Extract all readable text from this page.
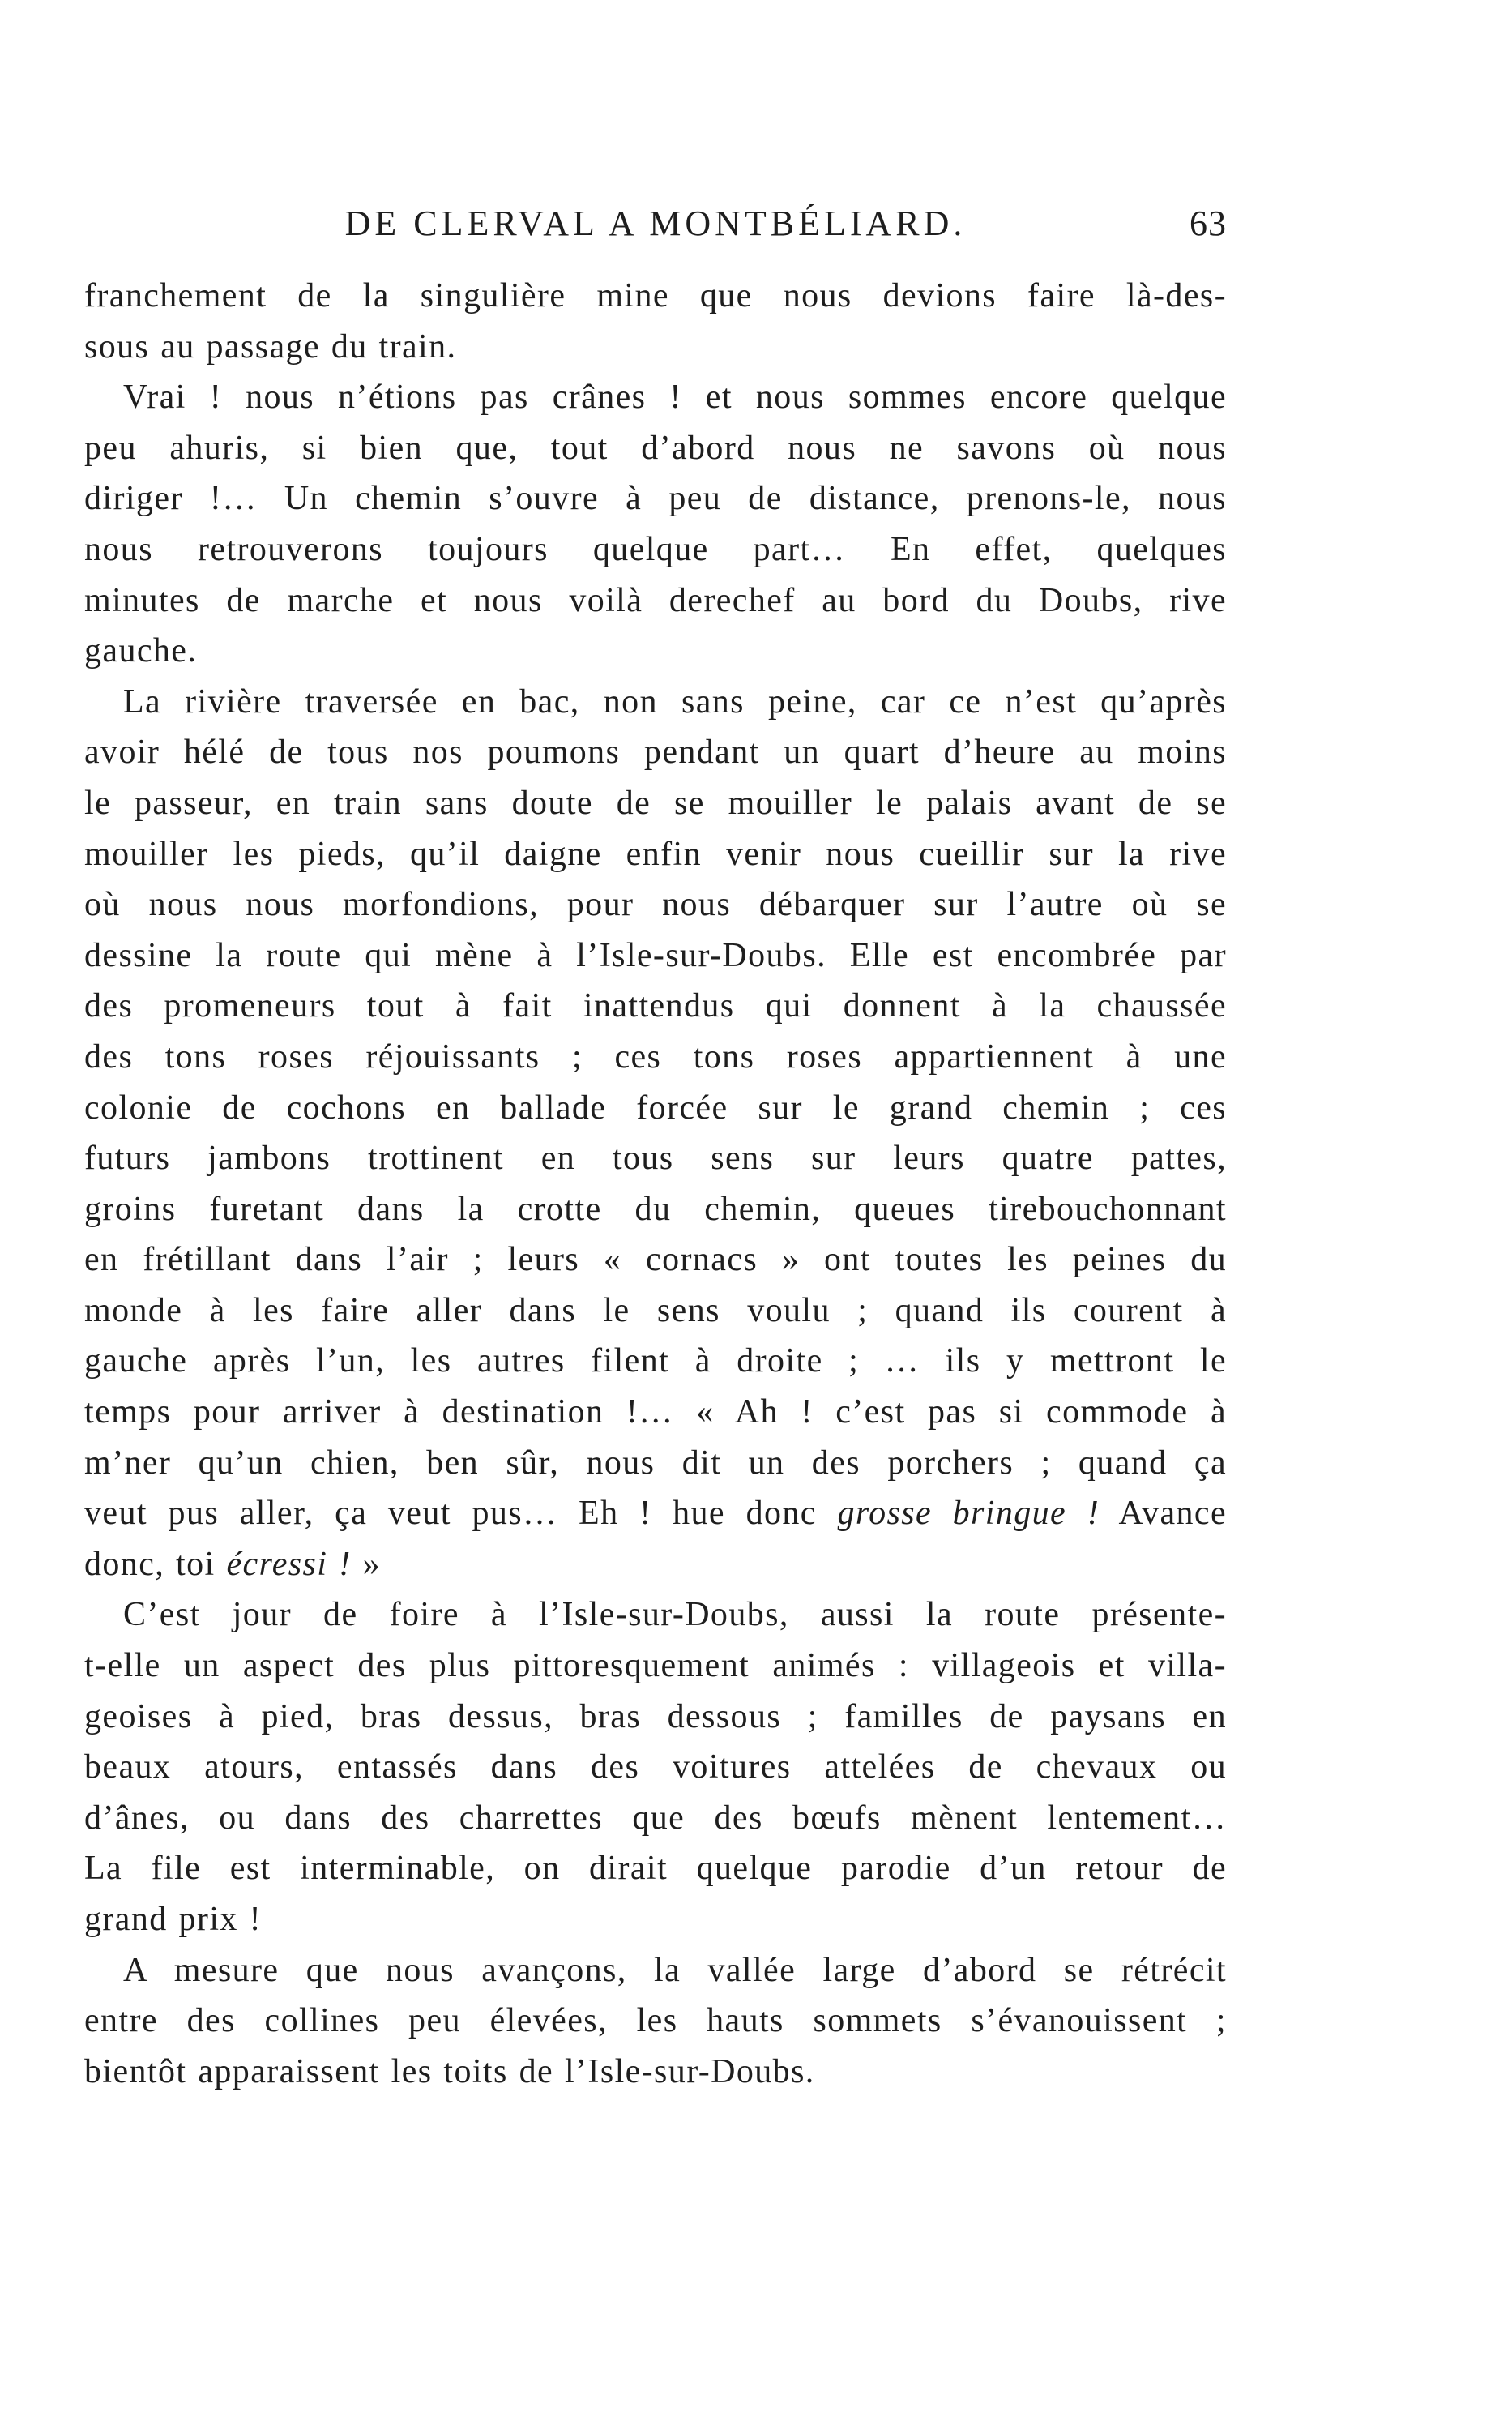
DE CLERVAL A MONTBÉLIARD.	63
franchement de la singulière mine que nous devions faire là-des-
sous au passage du train.
Vrai ! nous n’étions pas crânes ! et nous sommes encore quelque
peu ahuris, si bien que, tout d’abord nous ne savons où nous
diriger !… Un chemin s’ouvre à peu de distance, prenons-le, nous
nous retrouverons toujours quelque part… En effet, quelques
minutes de marche et nous voilà derechef au bord du Doubs, rive
gauche.
La rivière traversée en bac, non sans peine, car ce n’est qu’après
avoir hélé de tous nos poumons pendant un quart d’heure au moins
le passeur, en train sans doute de se mouiller le palais avant de se
mouiller les pieds, qu’il daigne enfin venir nous cueillir sur la rive
où nous nous morfondions, pour nous débarquer sur l’autre où se
dessine la route qui mène à l’Isle-sur-Doubs. Elle est encombrée par
des promeneurs tout à fait inattendus qui donnent à la chaussée
des tons roses réjouissants ; ces tons roses appartiennent à une
colonie de cochons en ballade forcée sur le grand chemin ; ces
futurs jambons trottinent en tous sens sur leurs quatre pattes,
groins furetant dans la crotte du chemin, queues tirebouchonnant
en frétillant dans l’air ; leurs « cornacs » ont toutes les peines du
monde à les faire aller dans le sens voulu ; quand ils courent à
gauche après l’un, les autres filent à droite ; … ils y mettront le
temps pour arriver à destination !… « Ah ! c’est pas si commode à
m’ner qu’un chien, ben sûr, nous dit un des porchers ; quand ça
veut pus aller, ça veut pus… Eh ! hue donc grosse bringue ! Avance
donc, toi écressi ! »
C’est jour de foire à l’Isle-sur-Doubs, aussi la route présente-
t-elle un aspect des plus pittoresquement animés : villageois et villa-
geoises à pied, bras dessus, bras dessous ; familles de paysans en
beaux atours, entassés dans des voitures attelées de chevaux ou
d’ânes, ou dans des charrettes que des bœufs mènent lentement…
La file est interminable, on dirait quelque parodie d’un retour de
grand prix !
A mesure que nous avançons, la vallée large d’abord se rétrécit
entre des collines peu élevées, les hauts sommets s’évanouissent ;
bientôt apparaissent les toits de l’Isle-sur-Doubs.
